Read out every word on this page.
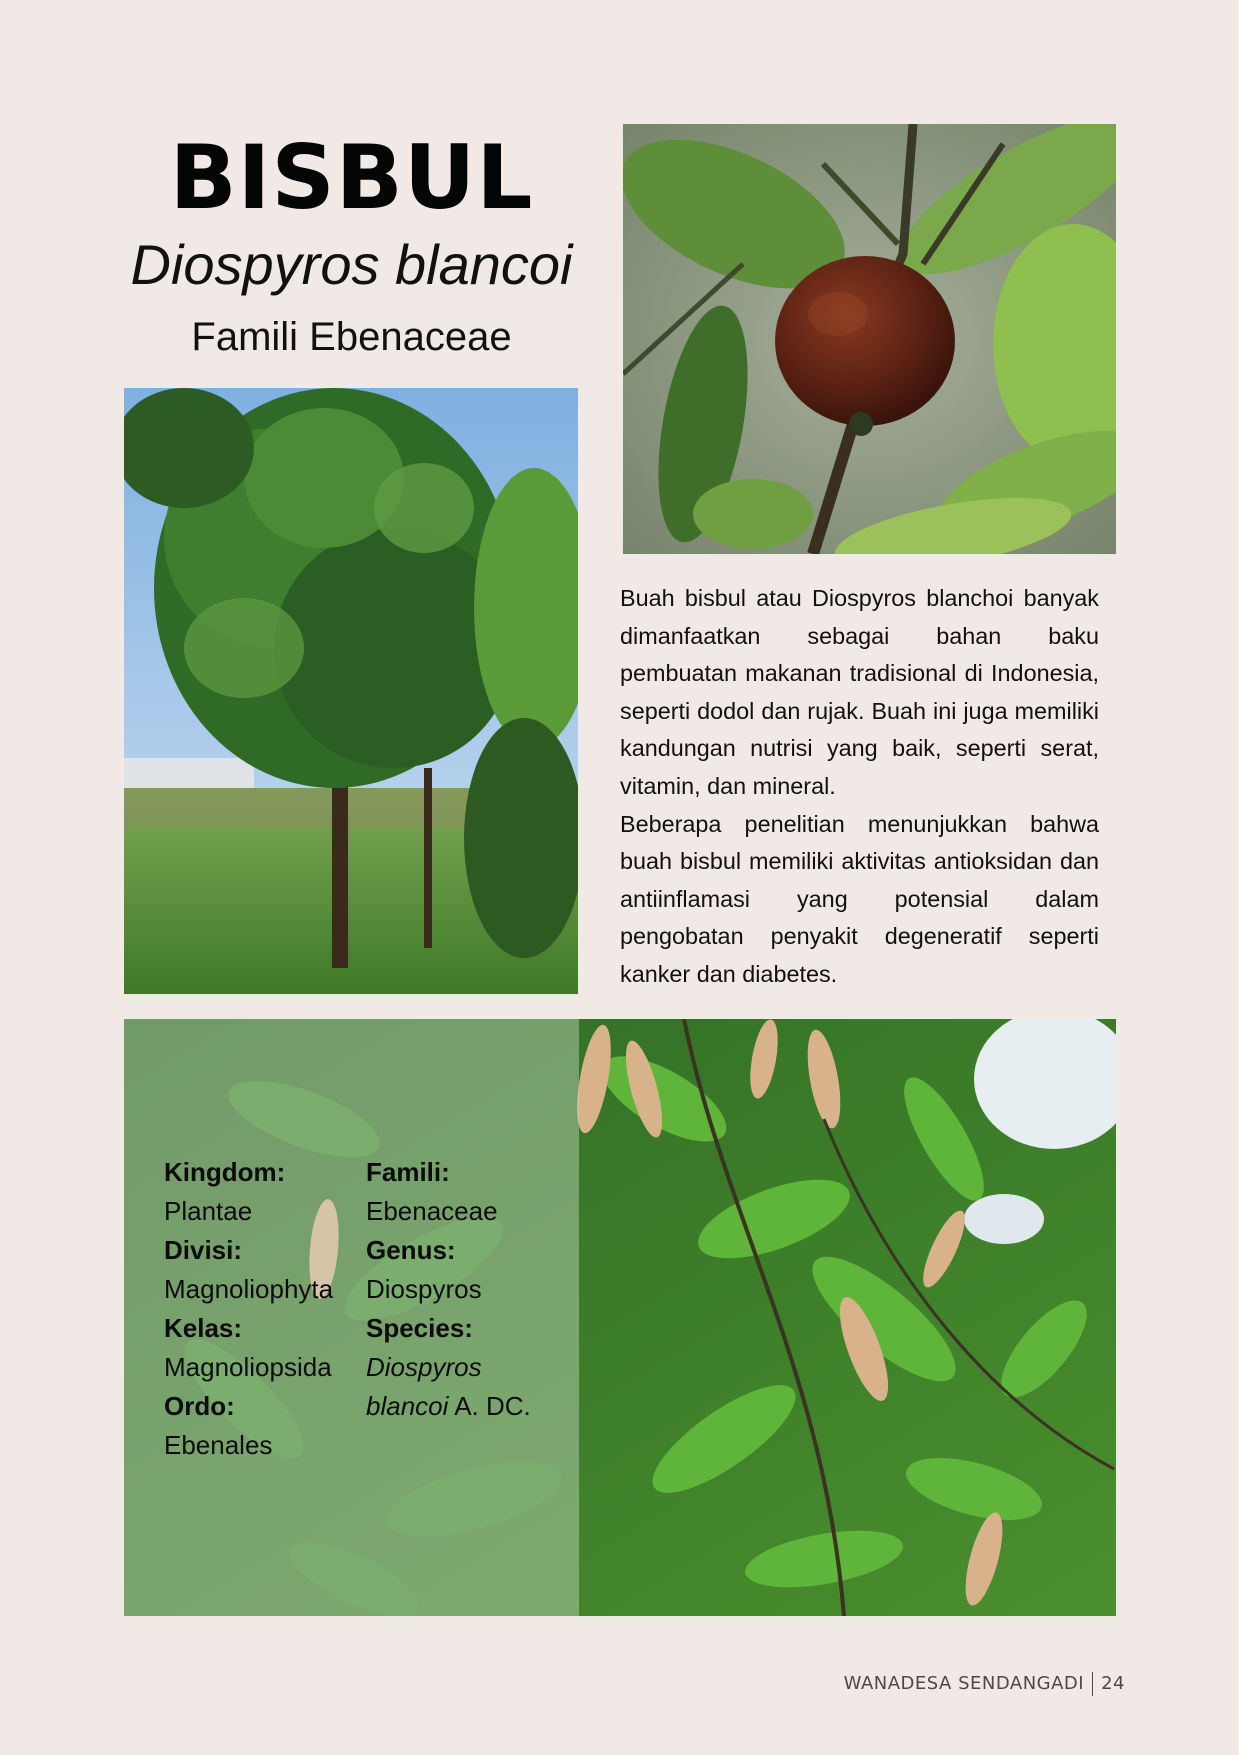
BISBUL
Diospyros blancoi
Famili Ebenaceae

Buah bisbul atau Diospyros blanchoi banyak dimanfaatkan sebagai bahan baku pembuatan makanan tradisional di Indonesia, seperti dodol dan rujak. Buah ini juga memiliki kandungan nutrisi yang baik, seperti serat, vitamin, dan mineral.

Beberapa penelitian menunjukkan bahwa buah bisbul memiliki aktivitas antioksidan dan antiinflamasi yang potensial dalam pengobatan penyakit degeneratif seperti kanker dan diabetes.

Kingdom:
Plantae
Divisi:
Magnoliophyta
Kelas:
Magnoliopsida
Ordo:
Ebenales
Famili:
Ebenaceae
Genus:
Diospyros
Species:
Diospyros
blancoi A. DC.
WANADESA SENDANGADI 24
